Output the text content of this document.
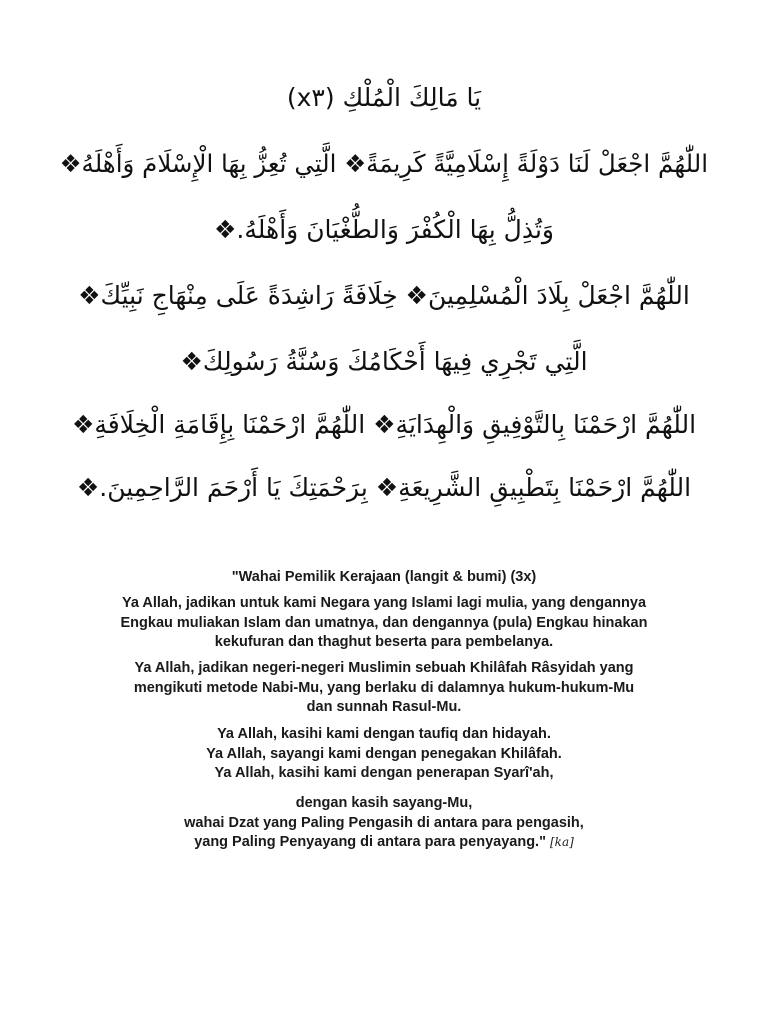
يَا مَالِكَ الْمُلْكِ (x٣)

اللّٰهُمَّ اجْعَلْ لَنَا دَوْلَةً إِسْلَامِيَّةً كَرِيمَةً❖ الَّتِي تُعِزُّ بِهَا الْإِسْلَامَ وَأَهْلَهُ❖

وَتُذِلُّ بِهَا الْكُفْرَ وَالطُّغْيَانَ وَأَهْلَهُ.❖

اللّٰهُمَّ اجْعَلْ بِلَادَ الْمُسْلِمِينَ❖ خِلَافَةً رَاشِدَةً عَلَى مِنْهَاجِ نَبِيِّكَ❖

الَّتِي تَجْرِي فِيهَا أَحْكَامُكَ وَسُنَّةُ رَسُولِكَ❖

اللّٰهُمَّ ارْحَمْنَا بِالتَّوْفِيقِ وَالْهِدَايَةِ❖ اللّٰهُمَّ ارْحَمْنَا بِإِقَامَةِ الْخِلَافَةِ❖

اللّٰهُمَّ ارْحَمْنَا بِتَطْبِيقِ الشَّرِيعَةِ❖ بِرَحْمَتِكَ يَا أَرْحَمَ الرَّاحِمِينَ.❖

"Wahai Pemilik Kerajaan (langit & bumi) (3x)
Ya Allah, jadikan untuk kami Negara yang Islami lagi mulia, yang dengannya
Engkau muliakan Islam dan umatnya, dan dengannya (pula) Engkau hinakan
kekufuran dan thaghut beserta para pembelanya.
Ya Allah, jadikan negeri-negeri Muslimin sebuah Khilâfah Râsyidah yang
mengikuti metode Nabi-Mu, yang berlaku di dalamnya hukum-hukum-Mu
dan sunnah Rasul-Mu.
Ya Allah, kasihi kami dengan taufiq dan hidayah.
Ya Allah, sayangi kami dengan penegakan Khilâfah.
Ya Allah, kasihi kami dengan penerapan Syarî'ah,
dengan kasih sayang-Mu,
wahai Dzat yang Paling Pengasih di antara para pengasih,
yang Paling Penyayang di antara para penyayang." [ka]
